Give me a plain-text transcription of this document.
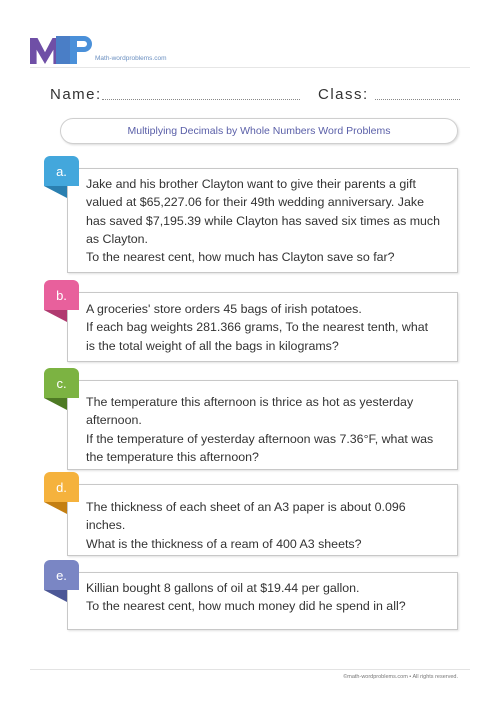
Math-wordproblems.com
Name:	Class:
Multiplying Decimals by Whole Numbers Word Problems

Jake and his brother Clayton want to give their parents a gift

valued at $65,227.06 for their 49th wedding anniversary. Jake

has saved $7,195.39 while Clayton has saved six times as much

as Clayton.

To the nearest cent, how much has Clayton save so far?

a.

A groceries' store orders 45 bags of irish potatoes.

If each bag weights 281.366 grams, To the nearest tenth, what

is the total weight of all the bags in kilograms?

b.

The temperature this afternoon is thrice as hot as yesterday

afternoon.

If the temperature of yesterday afternoon was 7.36°F, what was

the temperature this afternoon?

c.

The thickness of each sheet of an A3 paper is about 0.096

inches.

What is the thickness of a ream of 400 A3 sheets?

d.

Killian bought 8 gallons of oil at $19.44 per gallon.

To the nearest cent, how much money did he spend in all?

e.
©math-wordproblems.com • All rights reserved.
